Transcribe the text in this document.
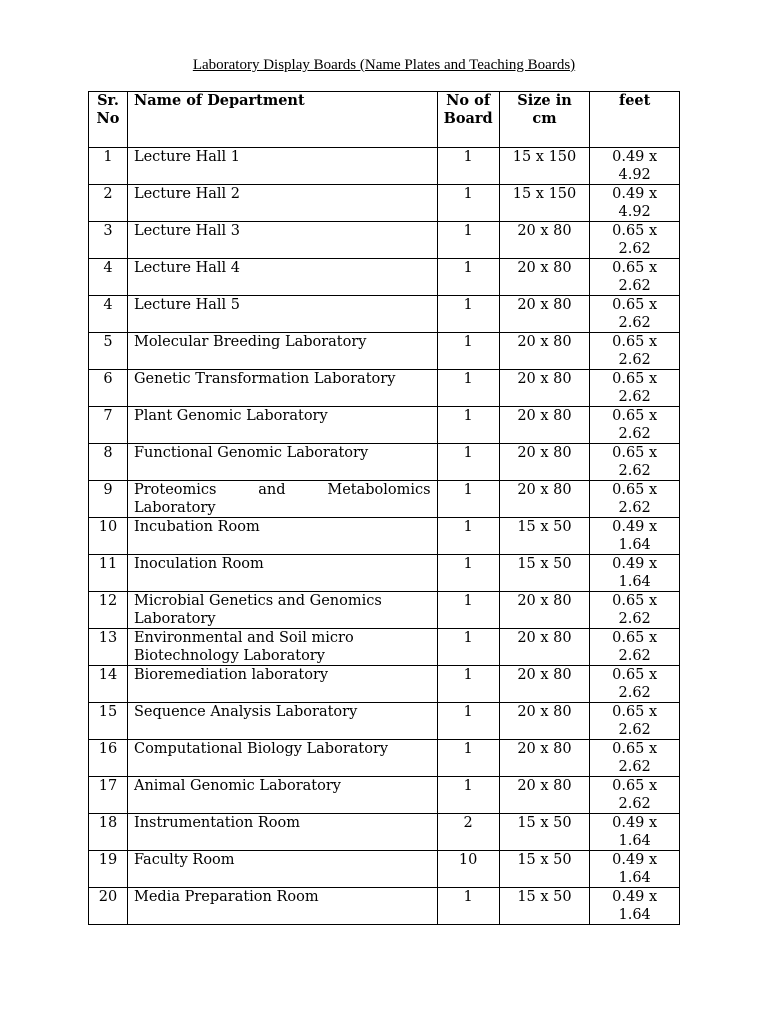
Laboratory Display Boards (Name Plates and Teaching Boards)
Sr. No	Name of Department	No of Board	Size in cm	feet
1	Lecture Hall 1	1	15 x 150	0.49 x 4.92
2	Lecture Hall 2	1	15 x 150	0.49 x 4.92
3	Lecture Hall 3	1	20 x 80	0.65 x 2.62
4	Lecture Hall 4	1	20 x 80	0.65 x 2.62
4	Lecture Hall 5	1	20 x 80	0.65 x 2.62
5	Molecular Breeding Laboratory	1	20 x 80	0.65 x 2.62
6	Genetic Transformation Laboratory	1	20 x 80	0.65 x 2.62
7	Plant Genomic Laboratory	1	20 x 80	0.65 x 2.62
8	Functional Genomic Laboratory	1	20 x 80	0.65 x 2.62
9	Proteomics and Metabolomics Laboratory	1	20 x 80	0.65 x 2.62
10	Incubation Room	1	15 x 50	0.49 x 1.64
11	Inoculation Room	1	15 x 50	0.49 x 1.64
12	Microbial Genetics and Genomics Laboratory	1	20 x 80	0.65 x 2.62
13	Environmental and Soil micro Biotechnology Laboratory	1	20 x 80	0.65 x 2.62
14	Bioremediation laboratory	1	20 x 80	0.65 x 2.62
15	Sequence Analysis Laboratory	1	20 x 80	0.65 x 2.62
16	Computational Biology Laboratory	1	20 x 80	0.65 x 2.62
17	Animal Genomic Laboratory	1	20 x 80	0.65 x 2.62
18	Instrumentation Room	2	15 x 50	0.49 x 1.64
19	Faculty Room	10	15 x 50	0.49 x 1.64
20	Media Preparation Room	1	15 x 50	0.49 x 1.64
